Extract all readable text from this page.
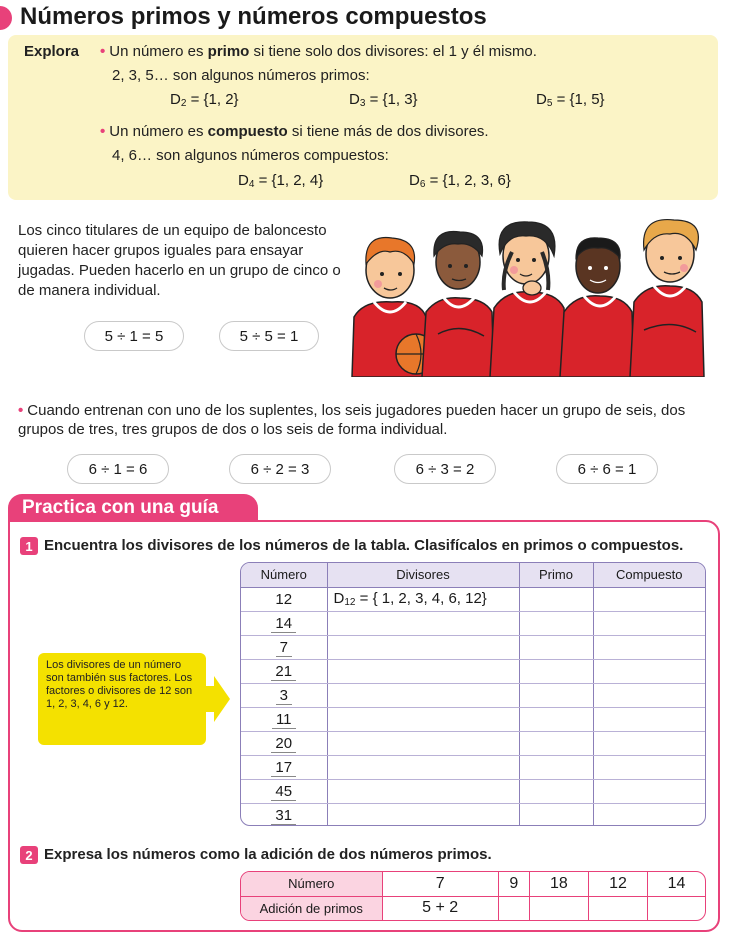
Números primos y números compuestos
Explora • Un número es primo si tiene solo dos divisores: el 1 y él mismo.
2, 3, 5… son algunos números primos:
$D_2 = \{1$, 2}	$D_3 = \{1$, 3}	$D_5 = \{1$, 5}
• Un número es compuesto si tiene más de dos divisores.
4, 6… son algunos números compuestos:
$D_4 = \{1$, 2, 4}	$D_6 = \{1$, 2, 3, 6}
Los cinco titulares de un equipo de baloncesto quieren hacer grupos iguales para ensayar jugadas. Pueden hacerlo en un grupo de cinco o de manera individual.
5 ÷ 1 = 5	5 ÷ 5 = 1
• Cuando entrenan con uno de los suplentes, los seis jugadores pueden hacer un grupo de seis, dos grupos de tres, tres grupos de dos o los seis de forma individual.
6 ÷ 1 = 6	6 ÷ 2 = 3	6 ÷ 3 = 2	6 ÷ 6 = 1
Practica con una guía
1 Encuentra los divisores de los números de la tabla. Clasifícalos en primos o compuestos.
Número	Divisores	Primo	Compuesto
12	$D_{12}$ = { 1, 2, 3, 4, 6, 12}		
14			
7			
21			
3			
11			
20			
17			
45			
31			
Los divisores de un número son también sus factores. Los factores o divisores de 12 son 1, 2, 3, 4, 6 y 12.
2 Expresa los números como la adición de dos números primos.
Número	7	9	18	12	14
Adición de primos	5 + 2				
